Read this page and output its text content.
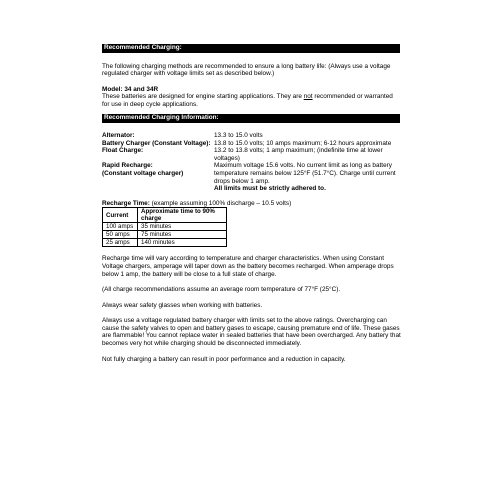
Recommended Charging:

The following charging methods are recommended to ensure a long battery life: (Always use a voltage regulated charger with voltage limits set as described below.)

Model: 34 and 34R

These batteries are designed for engine starting applications. They are not recommended or warranted for use in deep cycle applications.

Recommended Charging Information:
Alternator:	13.3 to 15.0 volts
Battery Charger (Constant Voltage): 13.8 to 15.0 volts; 10 amps maximum; 6-12 hours approximate
Float Charge:	13.2 to 13.8 volts; 1 amp maximum; (indefinite time at lower voltages)
Rapid Recharge:	Maximum voltage 15.6 volts. No current limit as long as battery
(Constant voltage charger)	temperature remains below 125°F (51.7°C). Charge until current drops below 1 amp.
All limits must be strictly adhered to.

Recharge Time: (example assuming 100% discharge – 10.5 volts)

Current	Approximate time to 90% charge
100 amps	35 minutes
50 amps	75 minutes
25 amps	140 minutes

Recharge time will vary according to temperature and charger characteristics. When using Constant Voltage chargers, amperage will taper down as the battery becomes recharged. When amperage drops below 1 amp, the battery will be close to a full state of charge.

(All charge recommendations assume an average room temperature of 77°F (25°C).

Always wear safety glasses when working with batteries.

Always use a voltage regulated battery charger with limits set to the above ratings. Overcharging can cause the safety valves to open and battery gases to escape, causing premature end of life. These gases are flammable! You cannot replace water in sealed batteries that have been overcharged. Any battery that becomes very hot while charging should be disconnected immediately.

Not fully charging a battery can result in poor performance and a reduction in capacity.
